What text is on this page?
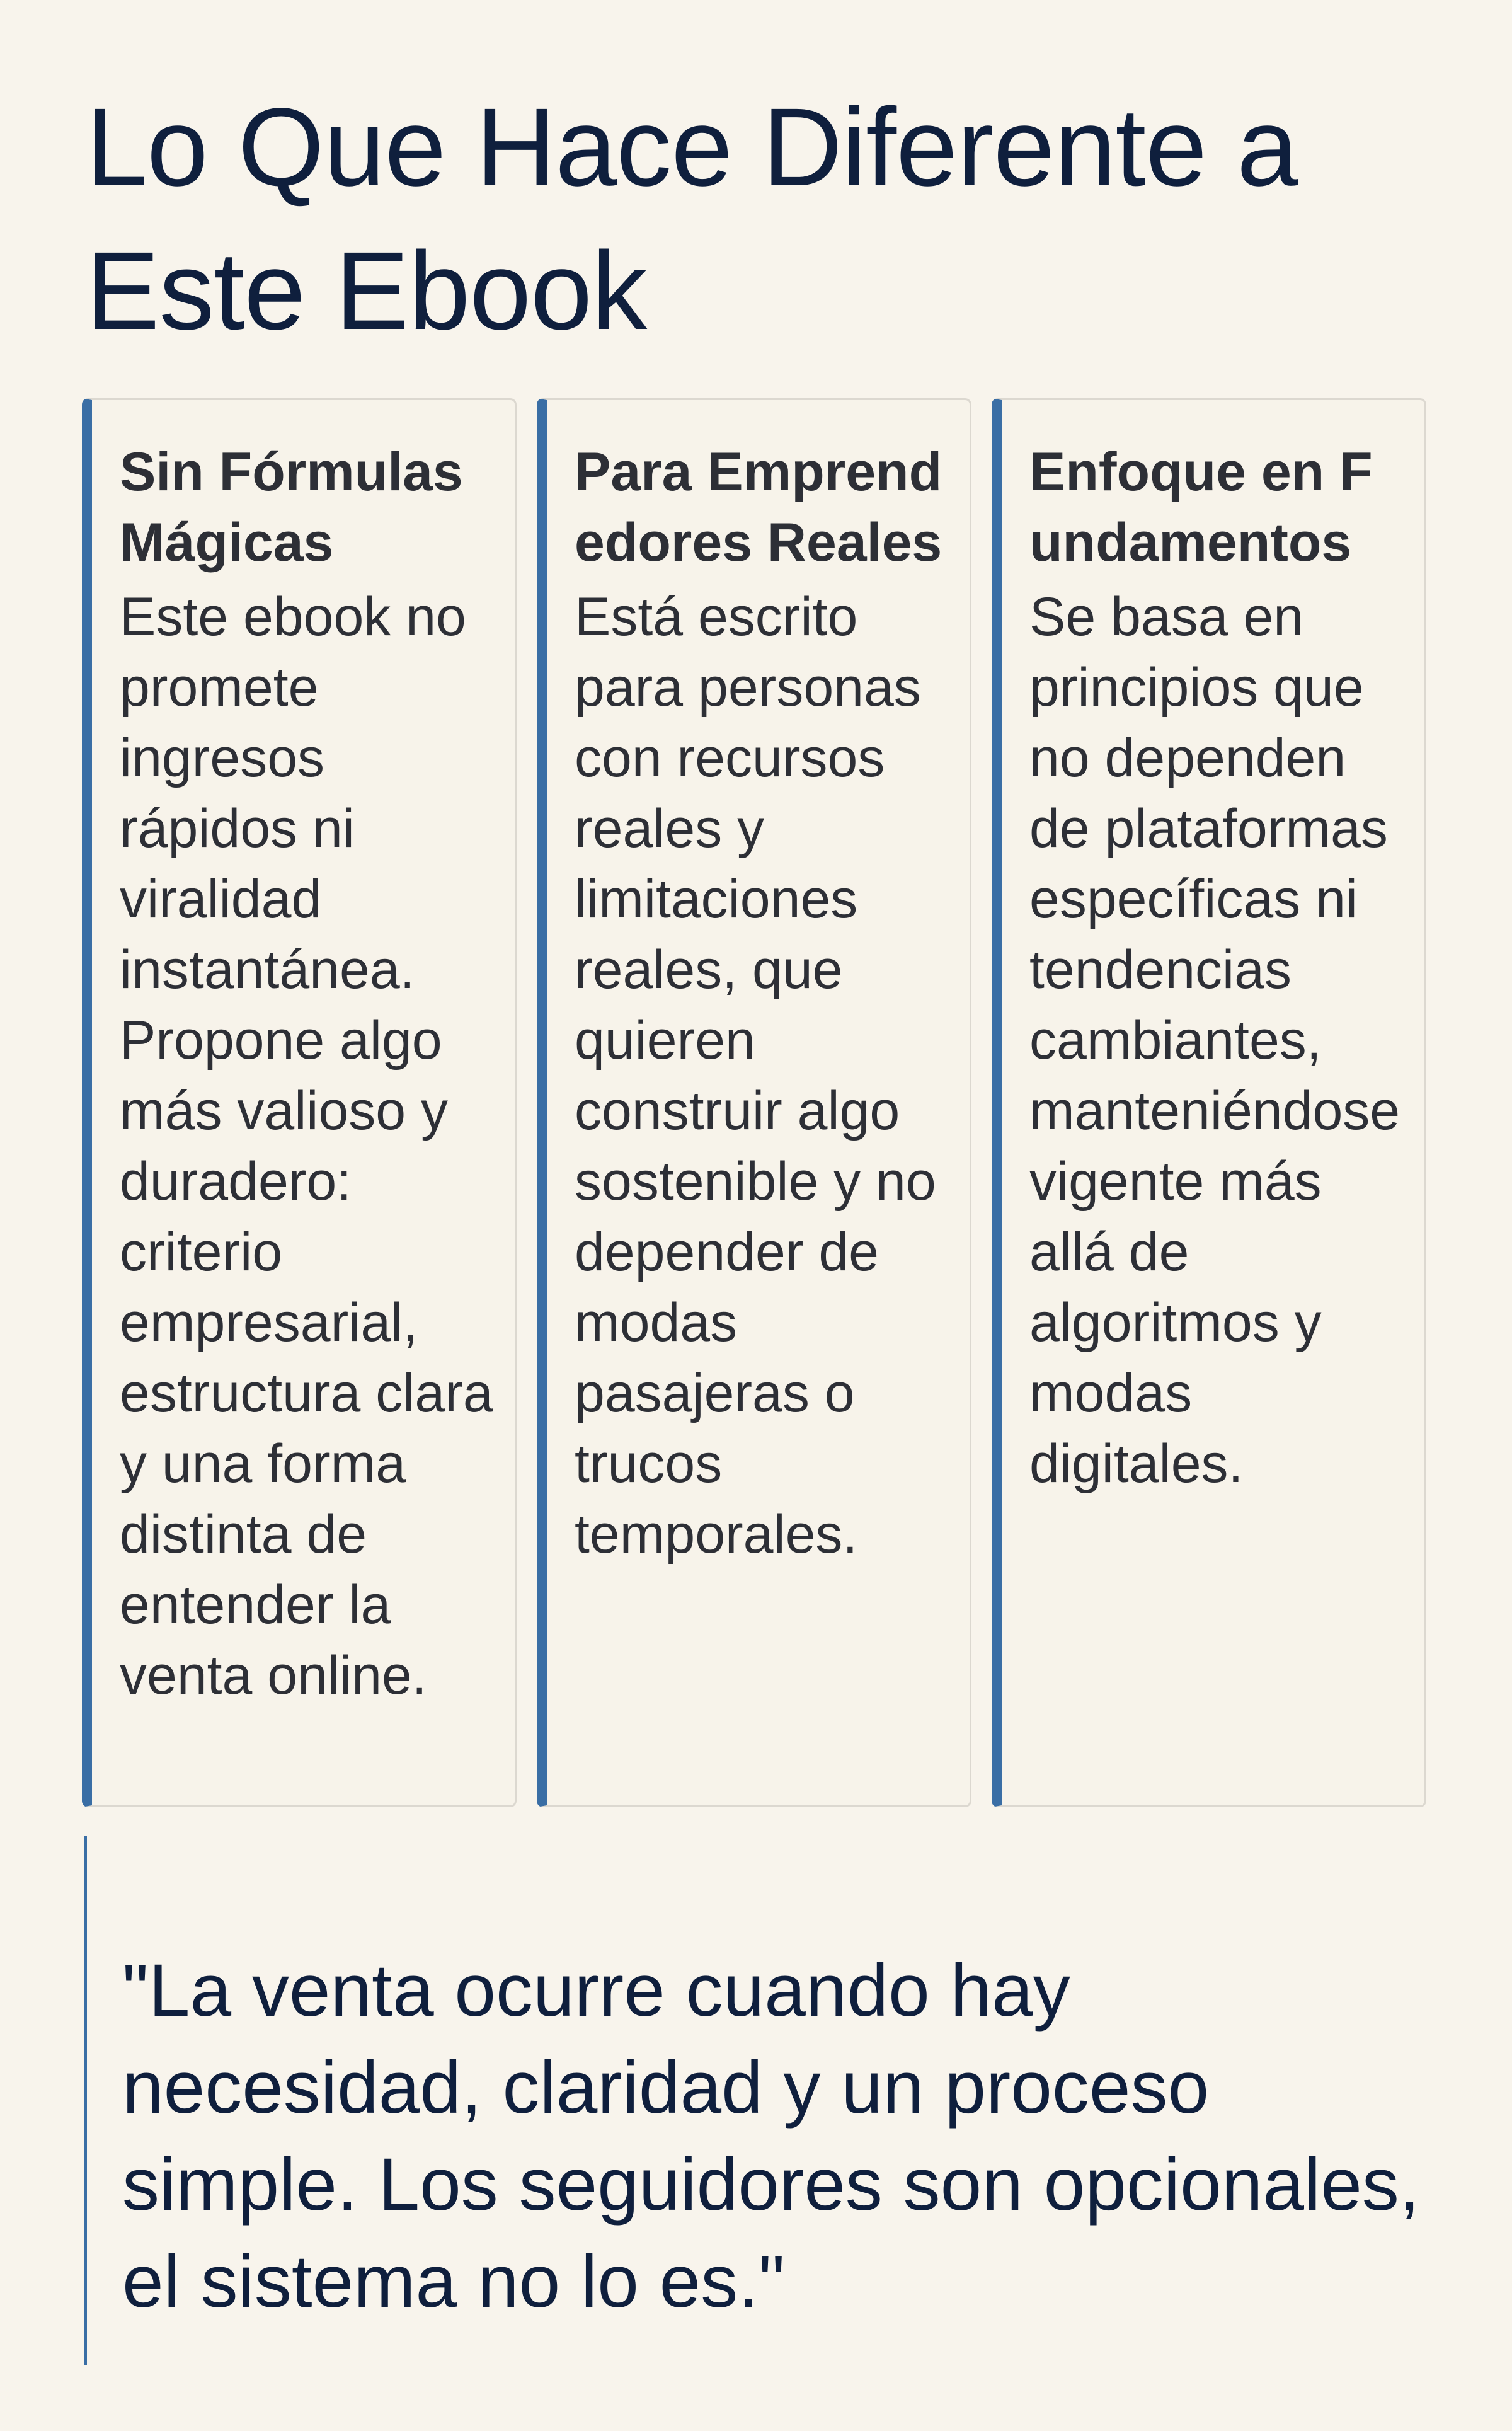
Lo Que Hace Diferente a Este Ebook
Sin Fórmulas Mágicas

Este ebook no promete ingresos rápidos ni viralidad instantánea. Propone algo más valioso y duradero: criterio empresarial, estructura clara y una forma distinta de entender la venta online.

Para Emprendedores Reales

Está escrito para personas con recursos reales y limitaciones reales, que quieren construir algo sostenible y no depender de modas pasajeras o trucos temporales.

Enfoque en Fundamentos

Se basa en principios que no dependen de plataformas específicas ni tendencias cambiantes, manteniéndose vigente más allá de algoritmos y modas digitales.

"La venta ocurre cuando hay necesidad, claridad y un proceso simple. Los seguidores son opcionales, el sistema no lo es."
